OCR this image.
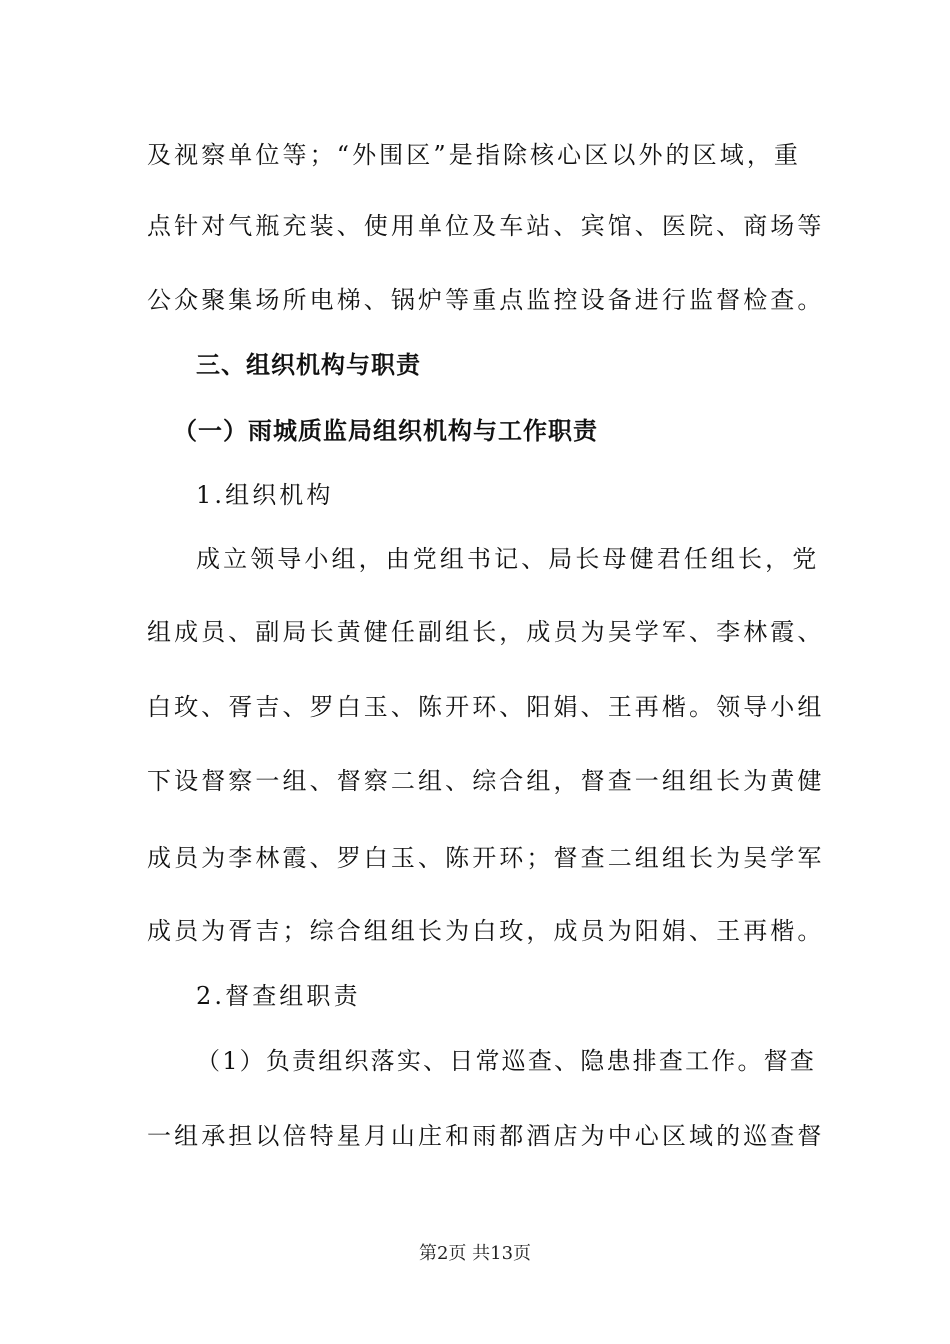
及视察单位等；“外围区”是指除核心区以外的区域，重
点针对气瓶充装、使用单位及车站、宾馆、医院、商场等
公众聚集场所电梯、锅炉等重点监控设备进行监督检查。
三、组织机构与职责
（一）雨城质监局组织机构与工作职责
1.组织机构
成立领导小组，由党组书记、局长母健君任组长，党
组成员、副局长黄健任副组长，成员为吴学军、李林霞、
白玫、胥吉、罗白玉、陈开环、阳娟、王再楷。领导小组
下设督察一组、督察二组、综合组，督查一组组长为黄健
成员为李林霞、罗白玉、陈开环；督查二组组长为吴学军
成员为胥吉；综合组组长为白玫，成员为阳娟、王再楷。
2.督查组职责
（1）负责组织落实、日常巡查、隐患排查工作。督查
一组承担以倍特星月山庄和雨都酒店为中心区域的巡查督
第2页 共13页
